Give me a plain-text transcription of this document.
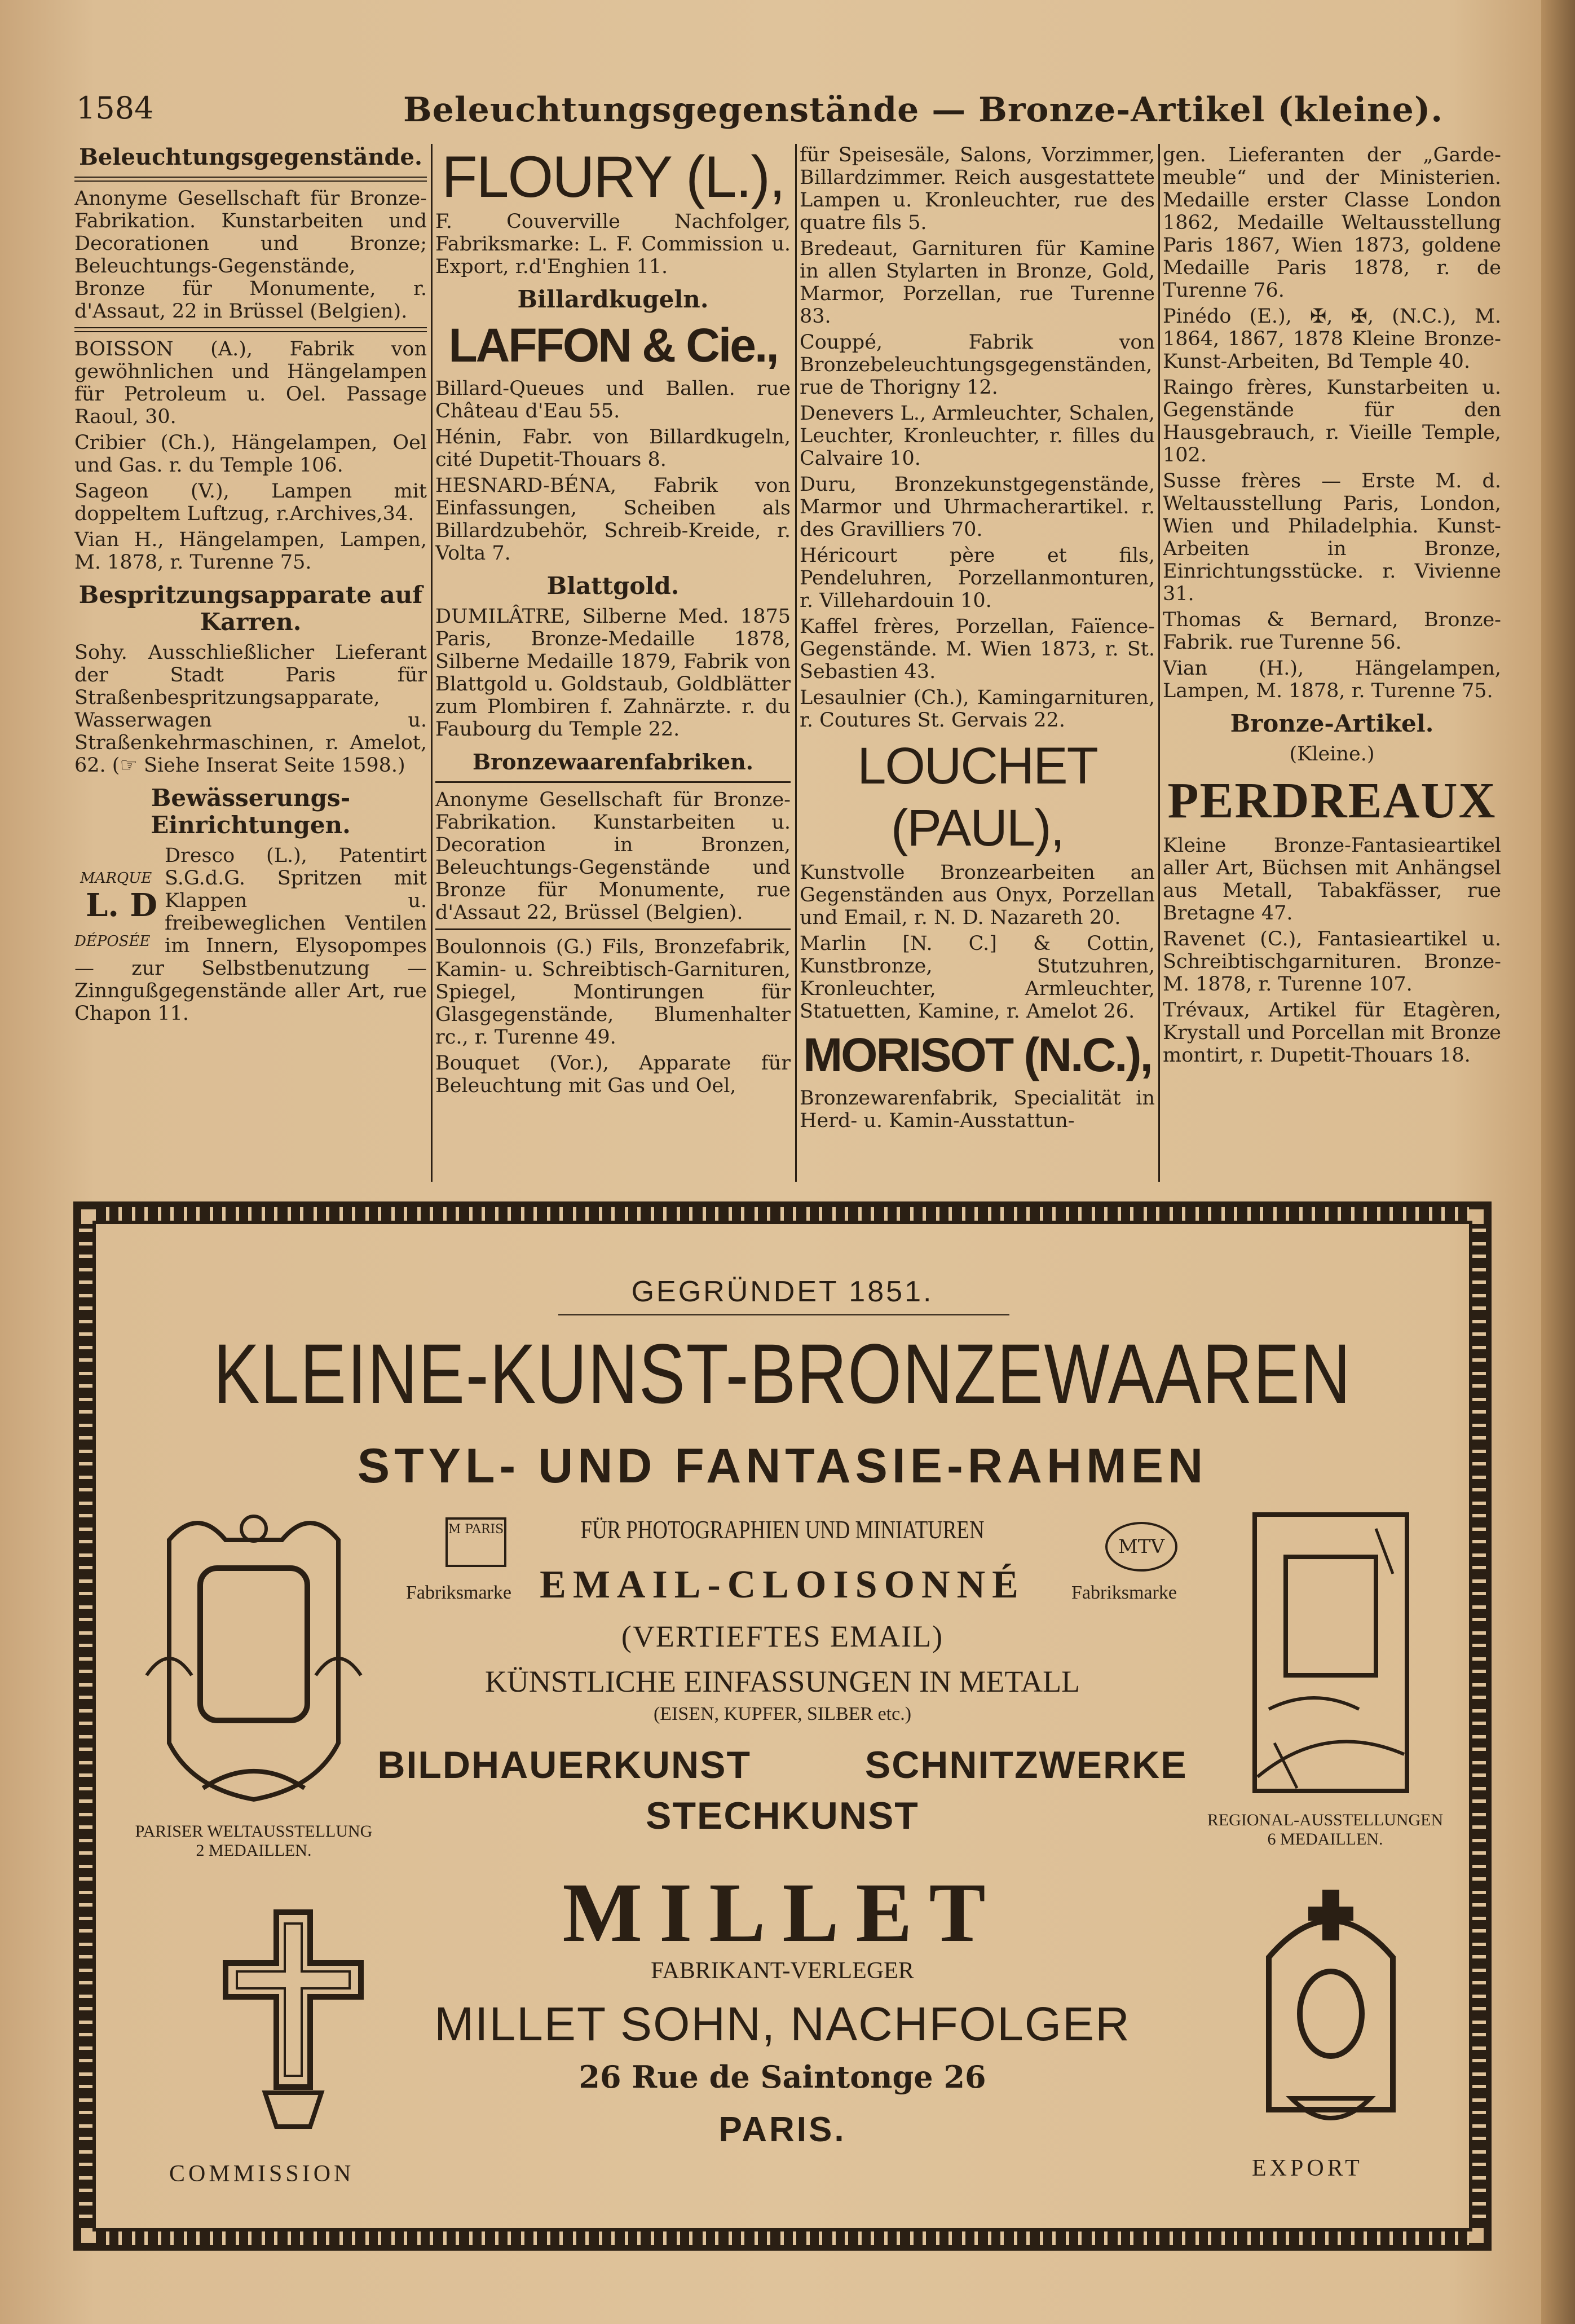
1584	Beleuchtungsgegenstände — Bronze-Artikel (kleine).
Beleuchtungsgegenstände.

Anonyme Gesellschaft für Bronze-Fabrikation. Kunstarbeiten und Decorationen und Bronze; Beleuchtungs-Gegenstände, Bronze für Monumente, r. d'Assaut, 22 in Brüssel (Belgien).

BOISSON (A.), Fabrik von gewöhnlichen und Hängelampen für Petroleum u. Oel. Passage Raoul, 30.

Cribier (Ch.), Hängelampen, Oel und Gas. r. du Temple 106.

Sageon (V.), Lampen mit doppeltem Luftzug, r.Archives,34.

Vian H., Hängelampen, Lampen, M. 1878, r. Turenne 75.

Bespritzungsapparate auf Karren.

Sohy. Ausschließlicher Lieferant der Stadt Paris für Straßenbespritzungsapparate, Wasserwagen u. Straßenkehrmaschinen, r. Amelot, 62. (☞ Siehe Inserat Seite 1598.)

Bewässerungs-Einrichtungen.
MARQUE
L. D
DÉPOSÉE

Dresco (L.), Patentirt S.G.d.G. Spritzen mit Klappen u. freibeweglichen Ventilen im Innern, Elysopompes — zur Selbstbenutzung — Zinngußgegenstände aller Art, rue Chapon 11.

FLOURY (L.),

F. Couverville Nachfolger, Fabriksmarke: L. F. Commission u. Export, r.d'Enghien 11.

Billardkugeln.
LAFFON & Cie.,

Billard-Queues und Ballen. rue Château d'Eau 55.

Hénin, Fabr. von Billardkugeln, cité Dupetit-Thouars 8.

HESNARD-BÉNA, Fabrik von Einfassungen, Scheiben als Billardzubehör, Schreib-Kreide, r. Volta 7.

Blattgold.

DUMILÂTRE, Silberne Med. 1875 Paris, Bronze-Medaille 1878, Silberne Medaille 1879, Fabrik von Blattgold u. Goldstaub, Goldblätter zum Plombiren f. Zahnärzte. r. du Faubourg du Temple 22.

Bronzewaarenfabriken.

Anonyme Gesellschaft für Bronze-Fabrikation. Kunstarbeiten u. Decoration in Bronzen, Beleuchtungs-Gegenstände und Bronze für Monumente, rue d'Assaut 22, Brüssel (Belgien).

Boulonnois (G.) Fils, Bronzefabrik, Kamin- u. Schreibtisch-Garnituren, Spiegel, Montirungen für Glasgegenstände, Blumenhalter rc., r. Turenne 49.

Bouquet (Vor.), Apparate für Beleuchtung mit Gas und Oel,

für Speisesäle, Salons, Vorzimmer, Billardzimmer. Reich ausgestattete Lampen u. Kronleuchter, rue des quatre fils 5.

Bredeaut, Garnituren für Kamine in allen Stylarten in Bronze, Gold, Marmor, Porzellan, rue Turenne 83.

Couppé, Fabrik von Bronzebeleuchtungsgegenständen, rue de Thorigny 12.

Denevers L., Armleuchter, Schalen, Leuchter, Kronleuchter, r. filles du Calvaire 10.

Duru, Bronzekunstgegenstände, Marmor und Uhrmacherartikel. r. des Gravilliers 70.

Héricourt père et fils, Pendeluhren, Porzellanmonturen, r. Villehardouin 10.

Kaffel frères, Porzellan, Faïence-Gegenstände. M. Wien 1873, r. St. Sebastien 43.

Lesaulnier (Ch.), Kamingarnituren, r. Coutures St. Gervais 22.

LOUCHET (PAUL),

Kunstvolle Bronzearbeiten an Gegenständen aus Onyx, Porzellan und Email, r. N. D. Nazareth 20.

Marlin [N. C.] & Cottin, Kunstbronze, Stutzuhren, Kronleuchter, Armleuchter, Statuetten, Kamine, r. Amelot 26.

MORISOT (N.C.),

Bronzewarenfabrik, Specialität in Herd- u. Kamin-Ausstattun-

gen. Lieferanten der „Garde-meuble“ und der Ministerien. Medaille erster Classe London 1862, Medaille Weltausstellung Paris 1867, Wien 1873, goldene Medaille Paris 1878, r. de Turenne 76.

Pinédo (E.), ✠, ✠, (N.C.), M. 1864, 1867, 1878 Kleine Bronze-Kunst-Arbeiten, Bd Temple 40.

Raingo frères, Kunstarbeiten u. Gegenstände für den Hausgebrauch, r. Vieille Temple, 102.

Susse frères — Erste M. d. Weltausstellung Paris, London, Wien und Philadelphia. Kunst-Arbeiten in Bronze, Einrichtungsstücke. r. Vivienne 31.

Thomas & Bernard, Bronze-Fabrik. rue Turenne 56.

Vian (H.), Hängelampen, Lampen, M. 1878, r. Turenne 75.

Bronze-Artikel.
(Kleine.)
PERDREAUX

Kleine Bronze-Fantasieartikel aller Art, Büchsen mit Anhängsel aus Metall, Tabakfässer, rue Bretagne 47.

Ravenet (C.), Fantasieartikel u. Schreibtischgarnituren. Bronze-M. 1878, r. Turenne 107.

Trévaux, Artikel für Etagèren, Krystall und Porcellan mit Bronze montirt, r. Dupetit-Thouars 18.

GEGRÜNDET 1851.
KLEINE-KUNST-BRONZEWAAREN
STYL- UND FANTASIE-RAHMEN
FÜR PHOTOGRAPHIEN UND MINIATUREN
EMAIL-CLOISONNÉ
(VERTIEFTES EMAIL)
KÜNSTLICHE EINFASSUNGEN IN METALL
(EISEN, KUPFER, SILBER etc.)
BILDHAUERKUNST	SCHNITZWERKE
STECHKUNST
MILLET
FABRIKANT-VERLEGER
MILLET SOHN, NACHFOLGER
26 Rue de Saintonge 26
PARIS.
M PARIS
Fabriksmarke
MTV
Fabriksmarke
PARISER WELTAUSSTELLUNG
2 MEDAILLEN.
REGIONAL-AUSSTELLUNGEN
6 MEDAILLEN.
COMMISSION	EXPORT
